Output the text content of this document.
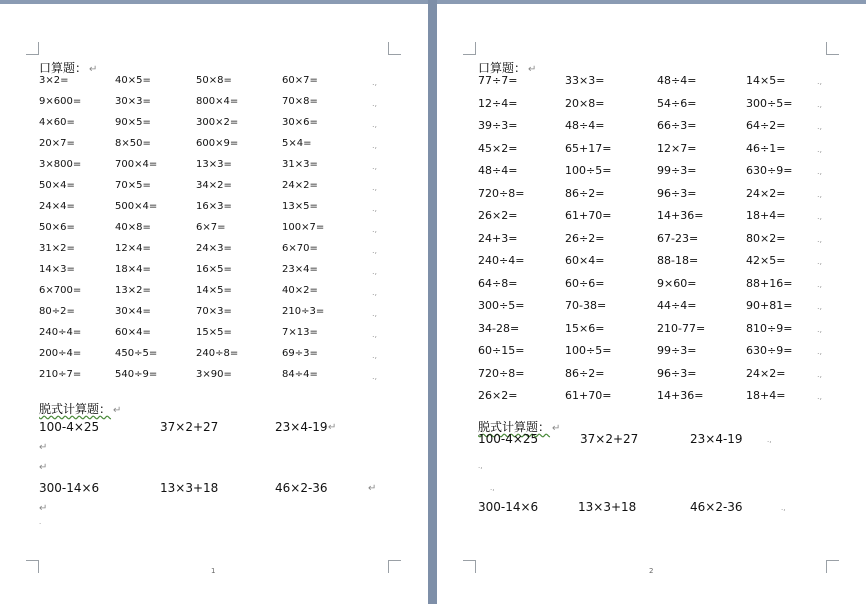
口算题： ↵
3×2=	40×5=	50×8=	60×7=	.,
9×600=	30×3=	800×4=	70×8=	.,
4×60=	90×5=	300×2=	30×6=	.,
20×7=	8×50=	600×9=	5×4=	.,
3×800=	700×4=	13×3=	31×3=	.,
50×4=	70×5=	34×2=	24×2=	.,
24×4=	500×4=	16×3=	13×5=	.,
50×6=	40×8=	6×7=	100×7=	.,
31×2=	12×4=	24×3=	6×70=	.,
14×3=	18×4=	16×5=	23×4=	.,
6×700=	13×2=	14×5=	40×2=	.,
80÷2=	30×4=	70×3=	210÷3=	.,
240÷4=	60×4=	15×5=	7×13=	.,
200÷4=	450÷5=	240÷8=	69÷3=	.,
210÷7=	540÷9=	3×90=	84÷4=	.,
脱式计算题： ↵
100-4×25	37×2+27	23×4-19 ↵
↵
↵
300-14×6	13×3+18	46×2-36	↵
↵
.
1
口算题： ↵
77÷7=	33×3=	48÷4=	14×5=	.,
12÷4=	20×8=	54÷6=	300÷5=	.,
39÷3=	48÷4=	66÷3=	64÷2=	.,
45×2=	65+17=	12×7=	46÷1=	.,
48÷4=	100÷5=	99÷3=	630÷9=	.,
720÷8=	86÷2=	96÷3=	24×2=	.,
26×2=	61+70=	14+36=	18+4=	.,
24+3=	26÷2=	67-23=	80×2=	.,
240÷4=	60×4=	88-18=	42×5=	.,
64÷8=	60÷6=	9×60=	88+16=	.,
300÷5=	70-38=	44÷4=	90+81=	.,
34-28=	15×6=	210-77=	810÷9=	.,
60÷15=	100÷5=	99÷3=	630÷9=	.,
720÷8=	86÷2=	96÷3=	24×2=	.,
26×2=	61+70=	14+36=	18+4=	.,
脱式计算题： ↵
100-4×25	37×2+27	23×4-19	.,
.,
.,
300-14×6	13×3+18	46×2-36	.,
2
